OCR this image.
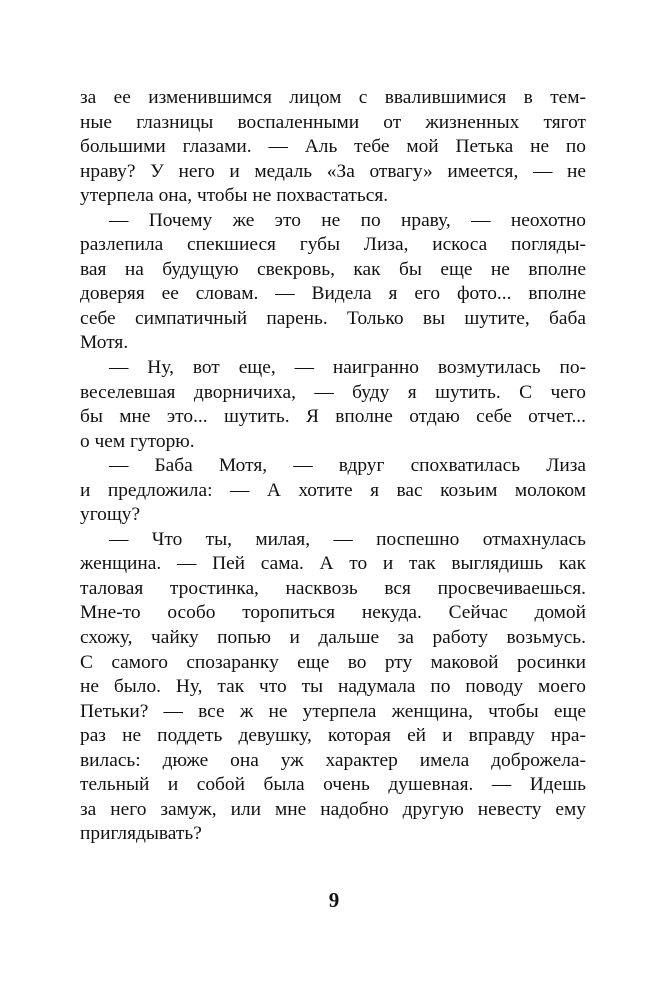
за ее изменившимся лицом с ввалившимися в тем-
ные глазницы воспаленными от жизненных тягот
большими глазами. — Аль тебе мой Петька не по
нраву? У него и медаль «За отвагу» имеется, — не
утерпела она, чтобы не похвастаться.
— Почему же это не по нраву, — неохотно
разлепила спекшиеся губы Лиза, искоса погляды-
вая на будущую свекровь, как бы еще не вполне
доверяя ее словам. — Видела я его фото... вполне
себе симпатичный парень. Только вы шутите, баба
Мотя.
— Ну, вот еще, — наигранно возмутилась по-
веселевшая дворничиха, — буду я шутить. С чего
бы мне это... шутить. Я вполне отдаю себе отчет...
о чем гуторю.
— Баба Мотя, — вдруг спохватилась Лиза
и предложила: — А хотите я вас козьим молоком
угощу?
— Что ты, милая, — поспешно отмахнулась
женщина. — Пей сама. А то и так выглядишь как
таловая тростинка, насквозь вся просвечиваешься.
Мне-то особо торопиться некуда. Сейчас домой
схожу, чайку попью и дальше за работу возьмусь.
С самого спозаранку еще во рту маковой росинки
не было. Ну, так что ты надумала по поводу моего
Петьки? — все ж не утерпела женщина, чтобы еще
раз не поддеть девушку, которая ей и вправду нра-
вилась: дюже она уж характер имела доброжела-
тельный и собой была очень душевная. — Идешь
за него замуж, или мне надобно другую невесту ему
приглядывать?
9
